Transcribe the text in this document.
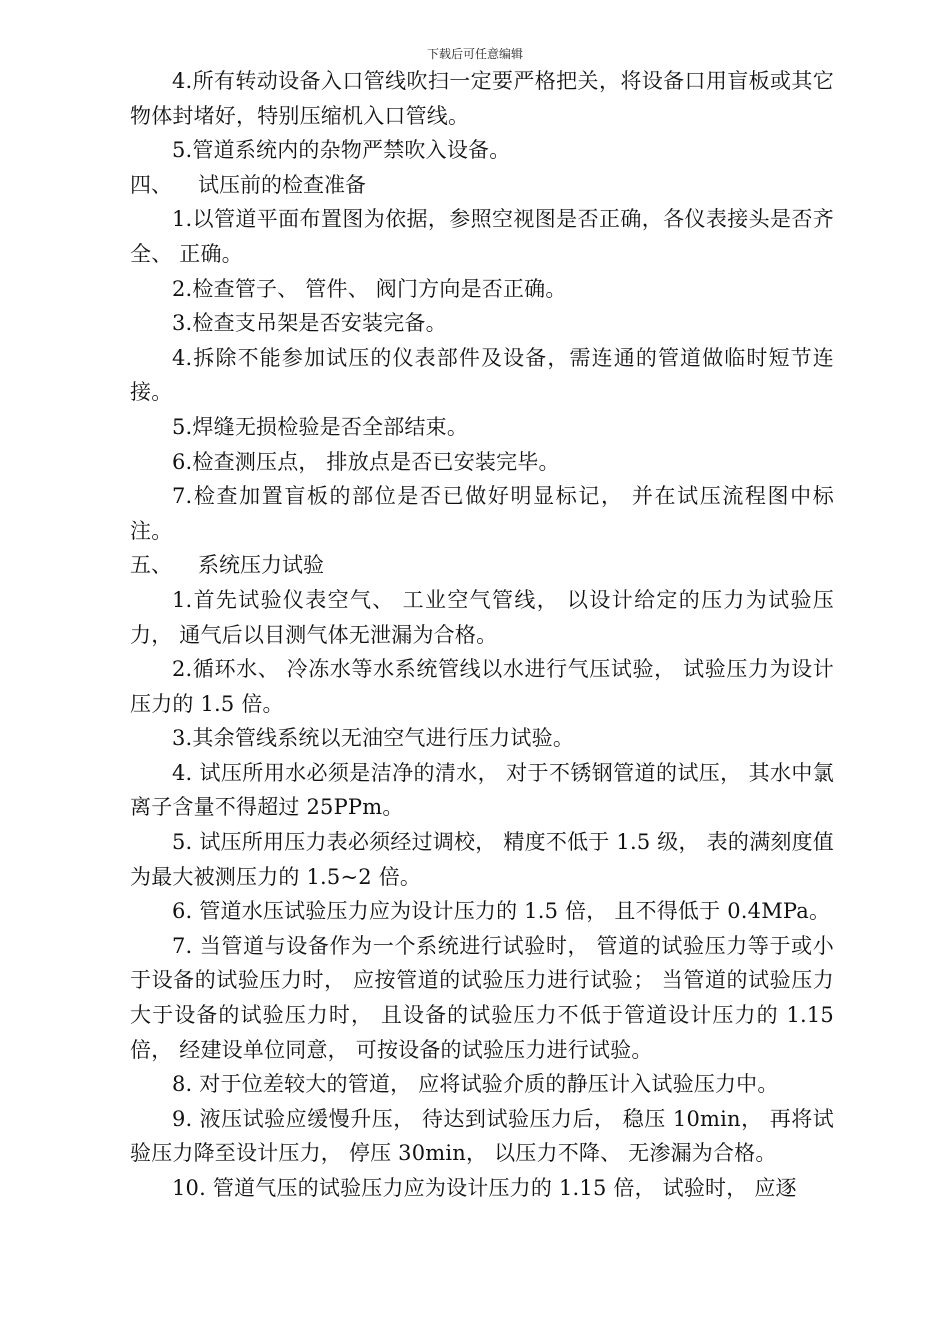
下载后可任意编辑

4.所有转动设备入口管线吹扫一定要严格把关，将设备口用盲板或其它物体封堵好，特别压缩机入口管线。

5.管道系统内的杂物严禁吹入设备。

四、 试压前的检查准备

1.以管道平面布置图为依据，参照空视图是否正确，各仪表接头是否齐全、 正确。

2.检查管子、 管件、 阀门方向是否正确。

3.检查支吊架是否安装完备。

4.拆除不能参加试压的仪表部件及设备，需连通的管道做临时短节连接。

5.焊缝无损检验是否全部结束。

6.检查测压点， 排放点是否已安装完毕。

7.检查加置盲板的部位是否已做好明显标记， 并在试压流程图中标注。

五、 系统压力试验

1.首先试验仪表空气、 工业空气管线， 以设计给定的压力为试验压力， 通气后以目测气体无泄漏为合格。

2.循环水、 冷冻水等水系统管线以水进行气压试验， 试验压力为设计压力的 1.5 倍。

3.其余管线系统以无油空气进行压力试验。

4. 试压所用水必须是洁净的清水， 对于不锈钢管道的试压， 其水中氯离子含量不得超过 25PPm。

5. 试压所用压力表必须经过调校， 精度不低于 1.5 级， 表的满刻度值为最大被测压力的 1.5~2 倍。

6. 管道水压试验压力应为设计压力的 1.5 倍， 且不得低于 0.4MPa。

7. 当管道与设备作为一个系统进行试验时， 管道的试验压力等于或小于设备的试验压力时， 应按管道的试验压力进行试验； 当管道的试验压力大于设备的试验压力时， 且设备的试验压力不低于管道设计压力的 1.15 倍， 经建设单位同意， 可按设备的试验压力进行试验。

8. 对于位差较大的管道， 应将试验介质的静压计入试验压力中。

9. 液压试验应缓慢升压， 待达到试验压力后， 稳压 10min， 再将试验压力降至设计压力， 停压 30min， 以压力不降、 无渗漏为合格。

10. 管道气压的试验压力应为设计压力的 1.15 倍， 试验时， 应逐
